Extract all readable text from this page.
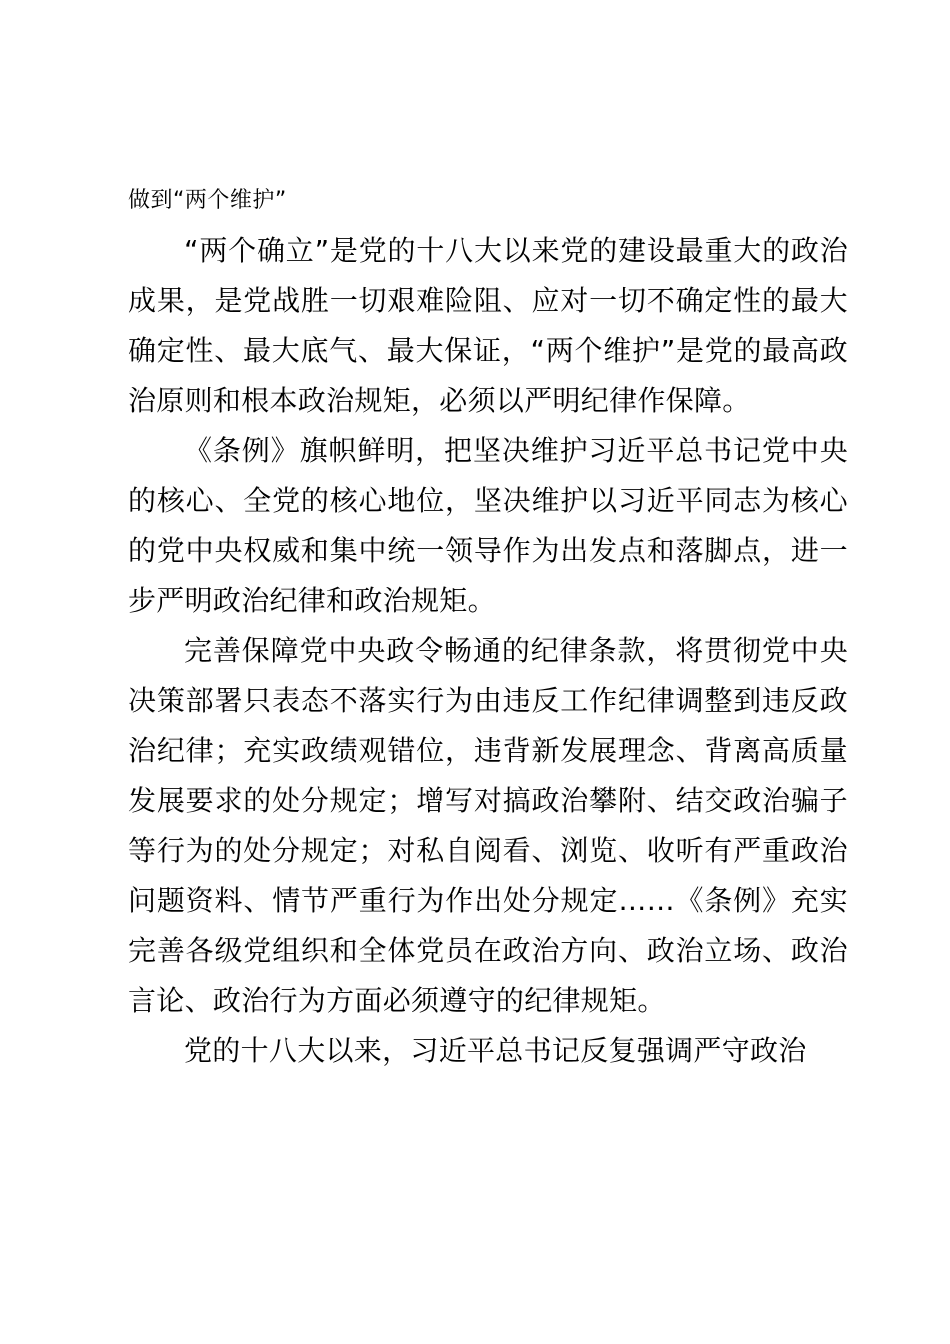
做到“两个维护”

“两个确立”是党的十八大以来党的建设最重大的政治成果，是党战胜一切艰难险阻、应对一切不确定性的最大确定性、最大底气、最大保证，“两个维护”是党的最高政治原则和根本政治规矩，必须以严明纪律作保障。

《条例》旗帜鲜明，把坚决维护习近平总书记党中央的核心、全党的核心地位，坚决维护以习近平同志为核心的党中央权威和集中统一领导作为出发点和落脚点，进一步严明政治纪律和政治规矩。

完善保障党中央政令畅通的纪律条款，将贯彻党中央决策部署只表态不落实行为由违反工作纪律调整到违反政治纪律；充实政绩观错位，违背新发展理念、背离高质量发展要求的处分规定；增写对搞政治攀附、结交政治骗子等行为的处分规定；对私自阅看、浏览、收听有严重政治问题资料、情节严重行为作出处分规定……《条例》充实完善各级党组织和全体党员在政治方向、政治立场、政治言论、政治行为方面必须遵守的纪律规矩。

党的十八大以来，习近平总书记反复强调严守政治
